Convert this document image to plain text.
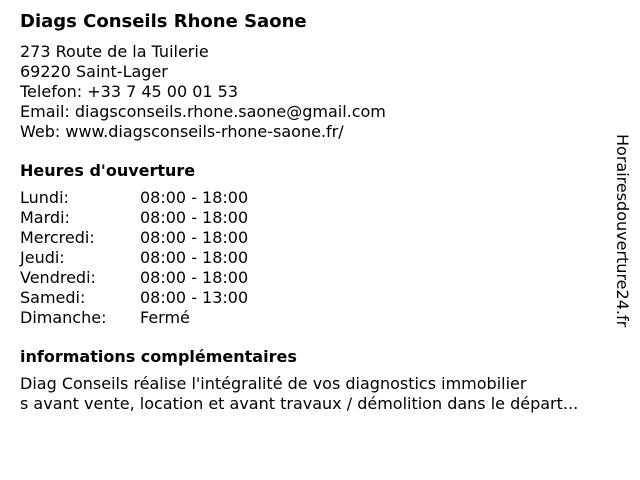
Diags Conseils Rhone Saone
273 Route de la Tuilerie
69220 Saint-Lager
Telefon: +33 7 45 00 01 53
Email: diagsconseils.rhone.saone@gmail.com
Web: www.diagsconseils-rhone-saone.fr/
Heures d'ouverture
Lundi:	08:00 - 18:00
Mardi:	08:00 - 18:00
Mercredi:	08:00 - 18:00
Jeudi:	08:00 - 18:00
Vendredi:	08:00 - 18:00
Samedi:	08:00 - 13:00
Dimanche:	Fermé
informations complémentaires
Diag Conseils réalise l'intégralité de vos diagnostics immobilier
s avant vente, location et avant travaux / démolition dans le départ...
Horairesdouverture24.fr
